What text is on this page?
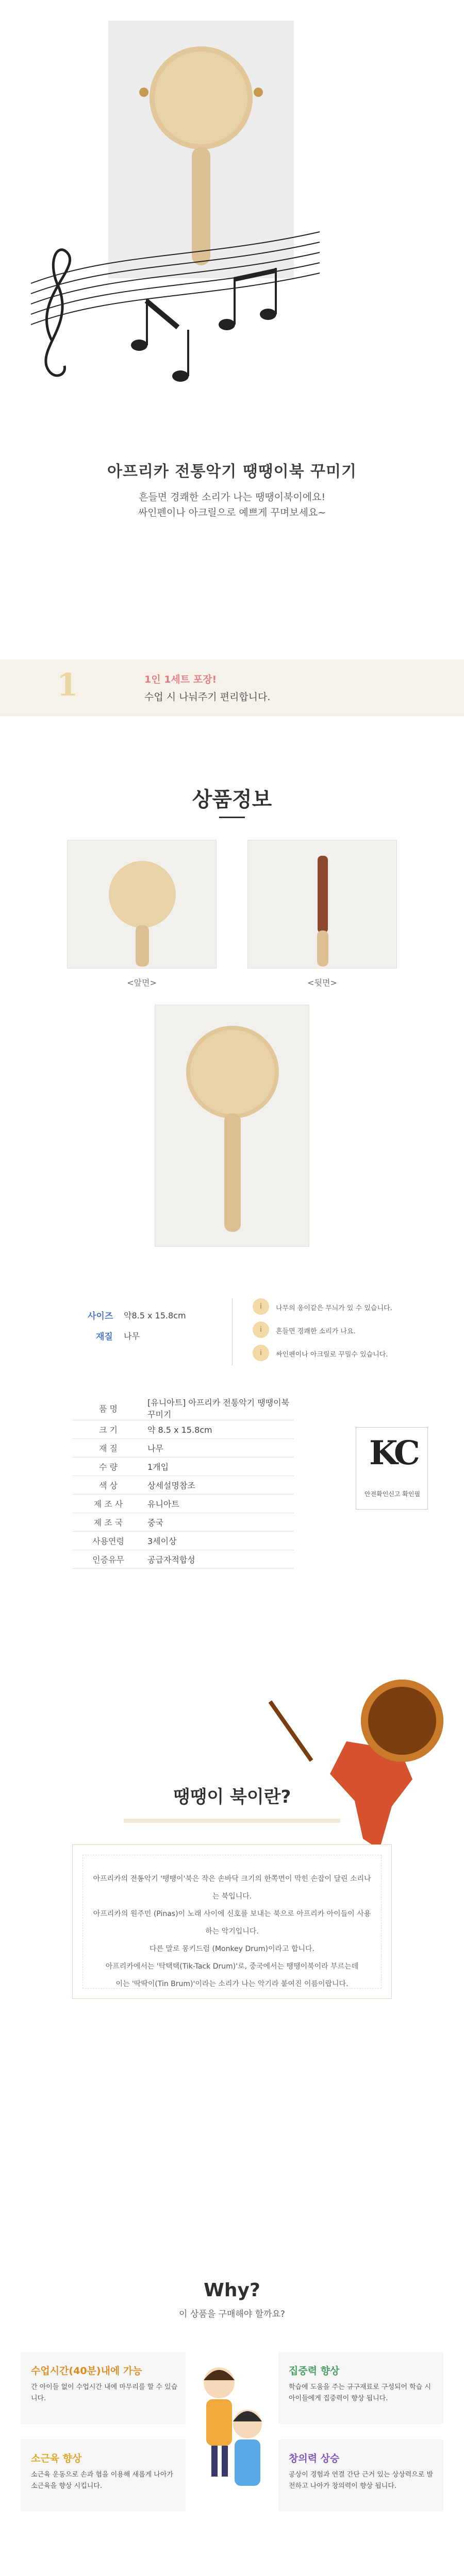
아프리카 전통악기 땡땡이북 꾸미기
흔들면 경쾌한 소리가 나는 땡땡이북이에요!
싸인펜이나 아크릴으로 예쁘게 꾸며보세요~
1	1인 1세트 포장!
수업 시 나눠주기 편리합니다.
상품정보
<앞면>	<뒷면>
사이즈 약8.5 x 15.8cm
재질 나무
i	나무의 옹이같은 무늬가 있 수 있습니다.
i	흔들면 경쾌한 소리가 나요.
i	싸인펜이나 아크릴로 꾸밀수 있습니다.
품 명	[유니아트] 아프리카 전통악기 땡땡이북 꾸미기
크 기	약 8.5 x 15.8cm
재 질	나무
수 량	1개입
색 상	상세설명참조
제 조 사	유니아트
제 조 국	중국
사용연령	3세이상
인증유무	공급자적합성
KC
안전확인신고 확인필
땡땡이 북이란?
아프리카의 전통악기 '땡땡이'북은 작은 손바닥 크기의 한쪽면이 막힌 손잡이 달린 소리나는 북입니다.
아프리카의 원주민 (Pinas)이 노래 사이에 신호를 보내는 북으로 아프리카 아이들이 사용하는 악기입니다.
다른 말로 몽키드럼 (Monkey Drum)이라고 합니다.
아프리카에서는 '탁택택(Tik-Tack Drum)'로, 중국에서는 땡땡이북이라 부르는데
이는 '딱딱이(Tin Brum)'이라는 소리가 나는 악기라 붙여진 이름이랍니다.
Why?
이 상품을 구매해야 할까요?
수업시간(40분)내에 가능
간 아이들 없이 수업시간 내에 마무리를 할 수 있습니다.
집중력 향상
학습에 도움을 주는 규구재료로 구성되어 학습 시 아이들에게 집중력이 향상 됩니다.
소근육 향상
소근육 운동으로 손과 협을 이용해 새롭게 나아가 소근육을 향상 시킵니다.
창의력 상승
공상이 경험과 연결 간단 근거 있는 상상력으로 발전하고 나아가 창의력이 향상 됩니다.
